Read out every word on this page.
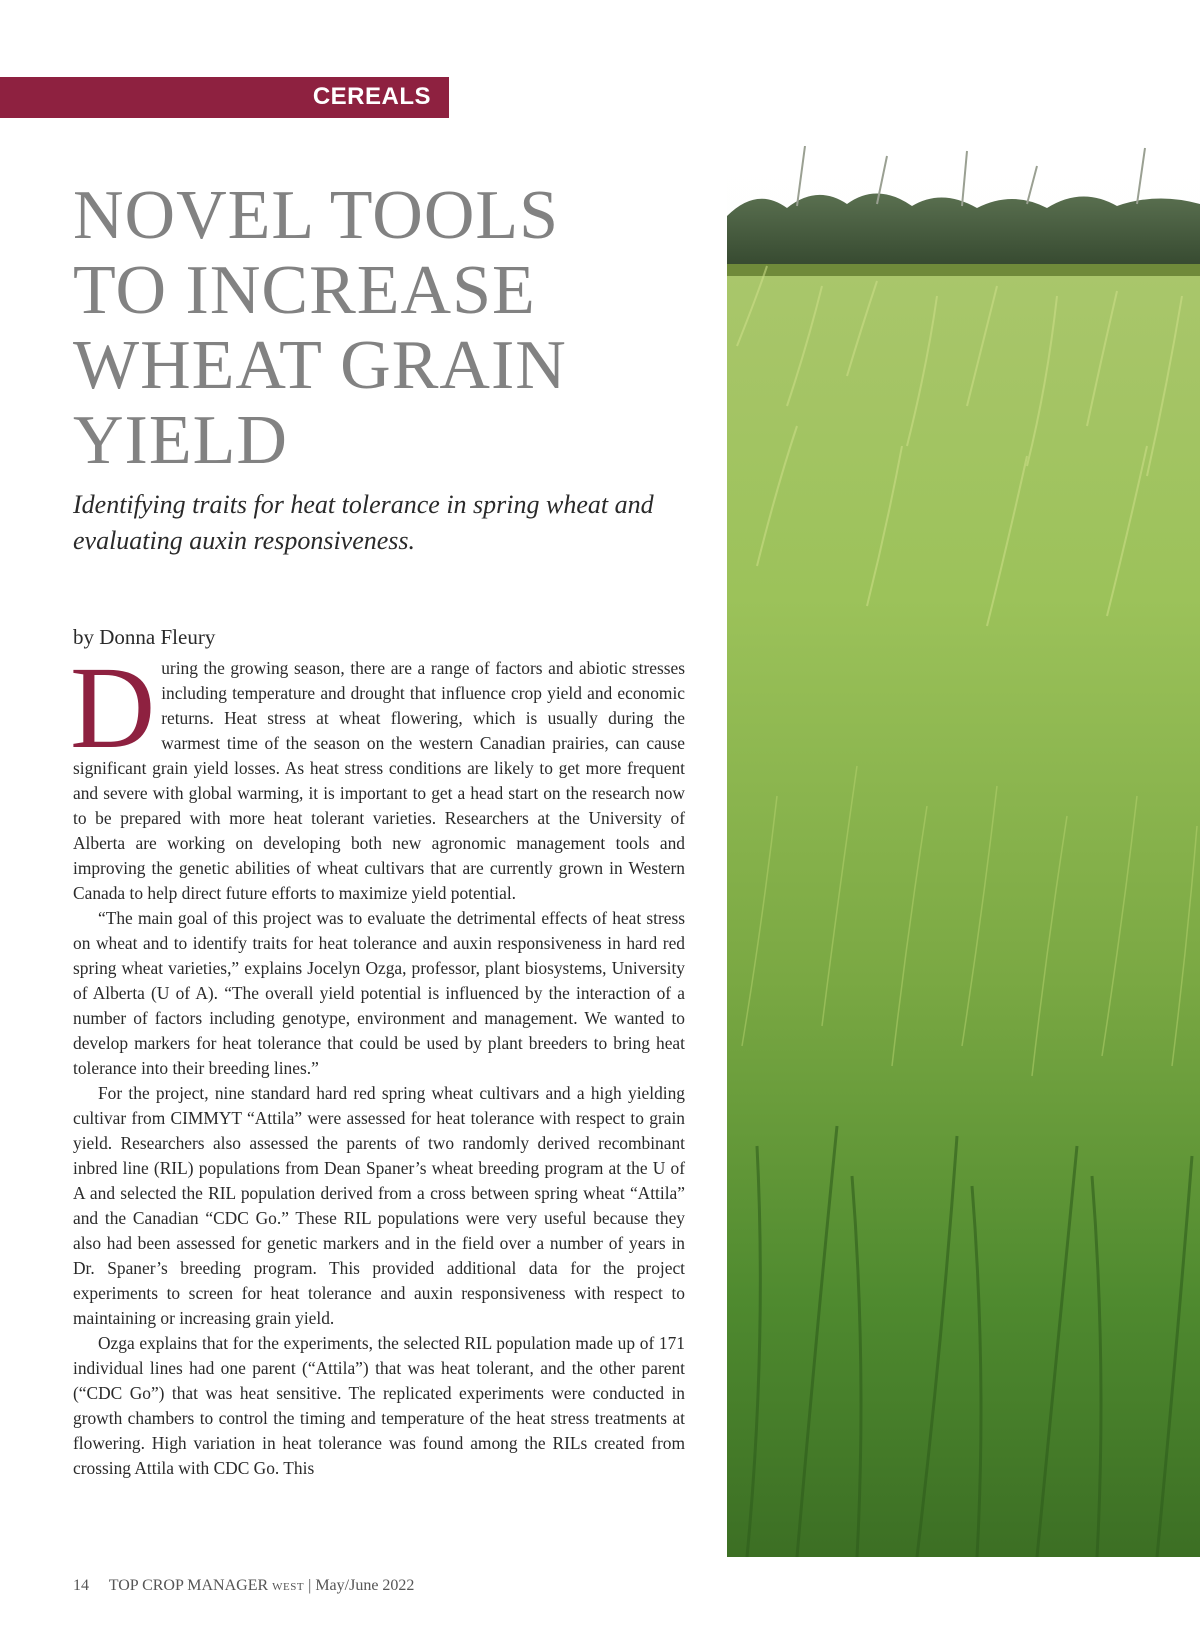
CEREALS
NOVEL TOOLS
TO INCREASE
WHEAT GRAIN
YIELD
Identifying traits for heat tolerance in spring wheat and
evaluating auxin responsiveness.
by Donna Fleury

During the growing season, there are a range of factors and abiotic stresses including temperature and drought that influence crop yield and economic returns. Heat stress at wheat flowering, which is usually during the warmest time of the season on the western Canadian prairies, can cause significant grain yield losses. As heat stress conditions are likely to get more frequent and severe with global warming, it is important to get a head start on the research now to be prepared with more heat tolerant varieties. Researchers at the University of Alberta are working on developing both new agronomic management tools and improving the genetic abilities of wheat cultivars that are currently grown in Western Canada to help direct future efforts to maximize yield potential.

“The main goal of this project was to evaluate the detrimental effects of heat stress on wheat and to identify traits for heat tolerance and auxin responsiveness in hard red spring wheat varieties,” explains Jocelyn Ozga, professor, plant biosystems, University of Alberta (U of A). “The overall yield potential is influenced by the interaction of a number of factors including genotype, environment and management. We wanted to develop markers for heat tolerance that could be used by plant breeders to bring heat tolerance into their breeding lines.”

For the project, nine standard hard red spring wheat cultivars and a high yielding cultivar from CIMMYT “Attila” were assessed for heat tolerance with respect to grain yield. Researchers also assessed the parents of two randomly derived recombinant inbred line (RIL) populations from Dean Spaner’s wheat breeding program at the U of A and selected the RIL population derived from a cross between spring wheat “Attila” and the Canadian “CDC Go.” These RIL populations were very useful because they also had been assessed for genetic markers and in the field over a number of years in Dr. Spaner’s breeding program. This provided additional data for the project experiments to screen for heat tolerance and auxin responsiveness with respect to maintaining or increasing grain yield.

Ozga explains that for the experiments, the selected RIL population made up of 171 individual lines had one parent (“Attila”) that was heat tolerant, and the other parent (“CDC Go”) that was heat sensitive. The replicated experiments were conducted in growth chambers to control the timing and temperature of the heat stress treatments at flowering. High variation in heat tolerance was found among the RILs created from crossing Attila with CDC Go. This

14 TOP CROP MANAGER WEST | May/June 2022
